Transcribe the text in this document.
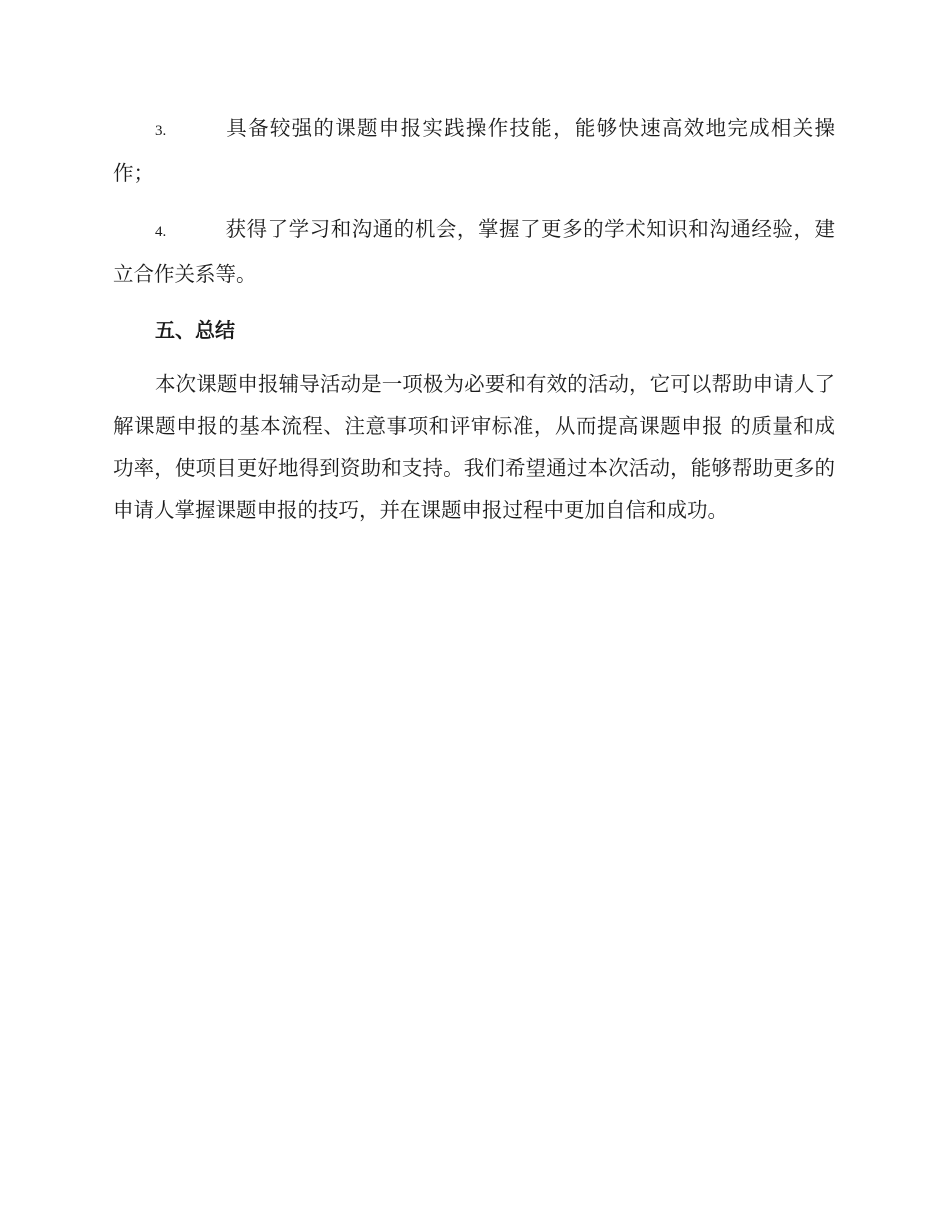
3.	具备较强的课题申报实践操作技能，能够快速高效地完成相关操作；

4.	获得了学习和沟通的机会，掌握了更多的学术知识和沟通经验，建立合作关系等。

五、总结

本次课题申报辅导活动是一项极为必要和有效的活动，它可以帮助申请人了解课题申报的基本流程、注意事项和评审标准，从而提高课题申报 的质量和成功率，使项目更好地得到资助和支持。我们希望通过本次活动，能够帮助更多的申请人掌握课题申报的技巧，并在课题申报过程中更加自信和成功。
